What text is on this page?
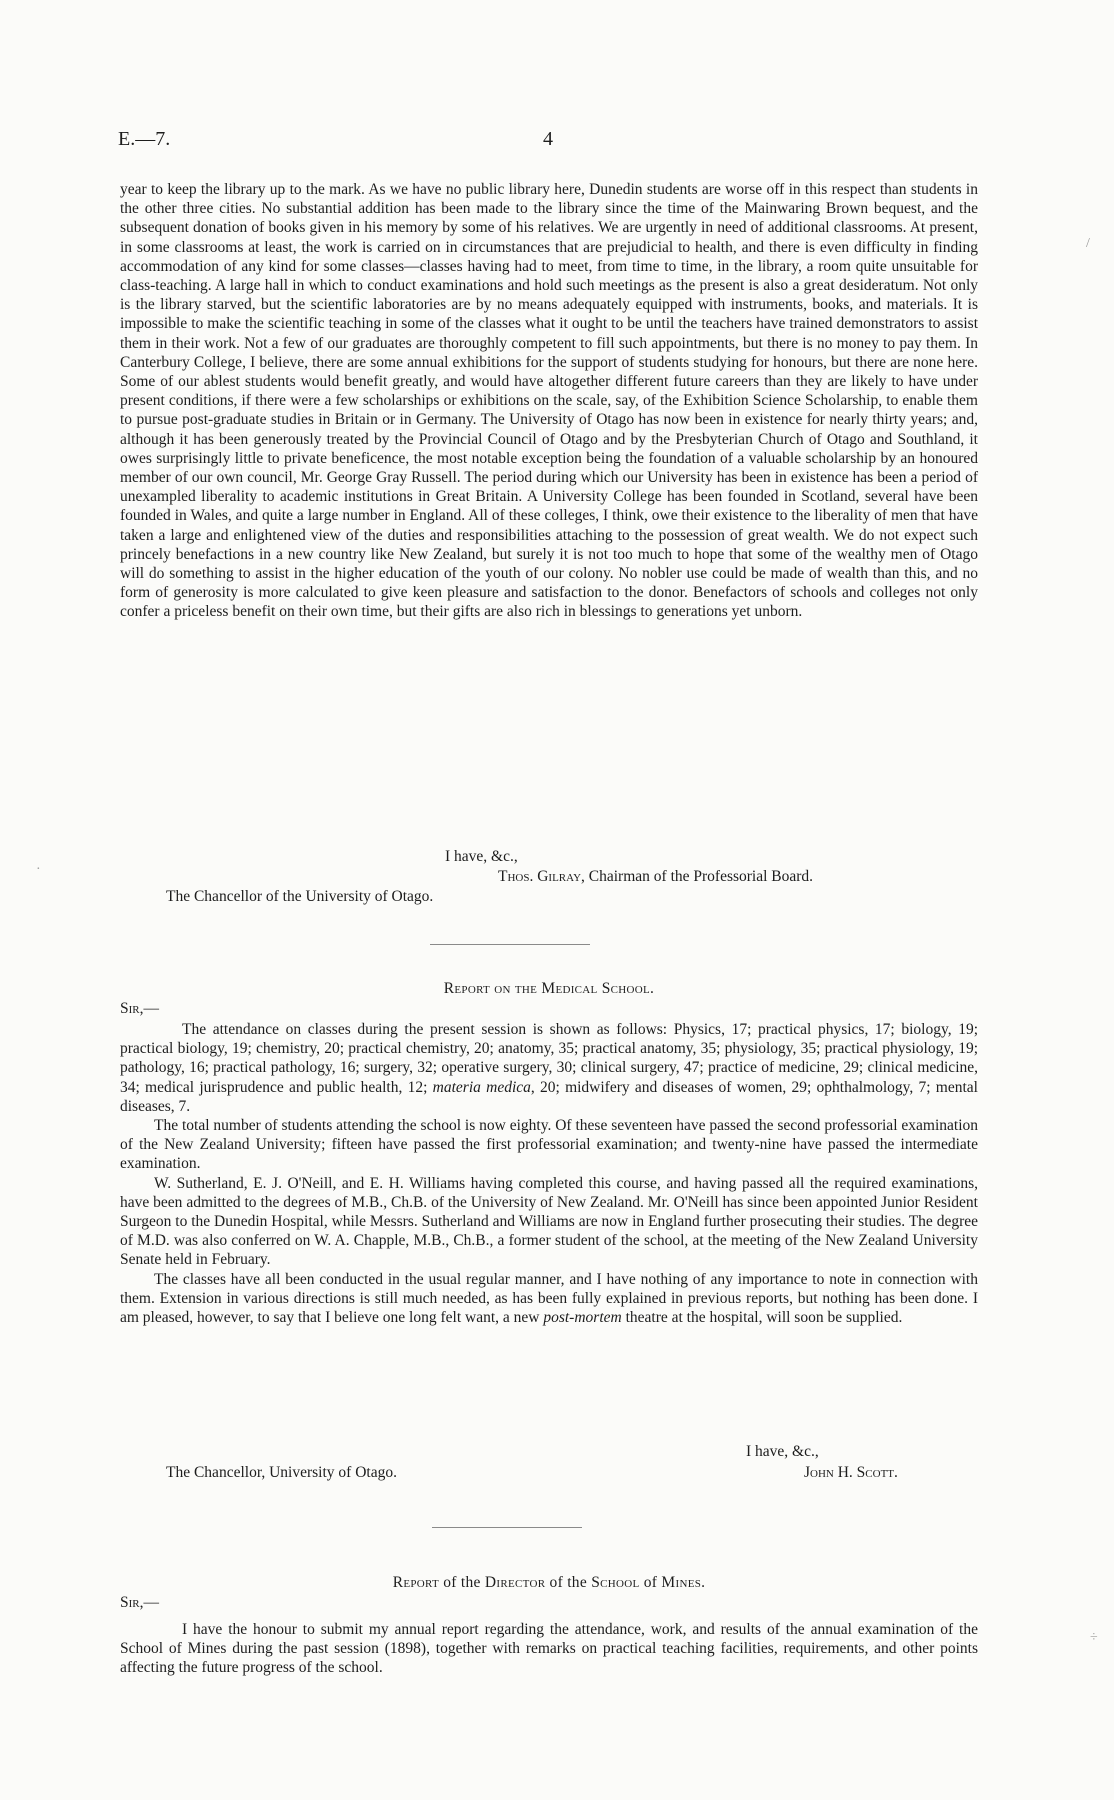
E.—7.	4

year to keep the library up to the mark. As we have no public library here, Dunedin students are worse off in this respect than students in the other three cities. No substantial addition has been made to the library since the time of the Mainwaring Brown bequest, and the subsequent donation of books given in his memory by some of his relatives. We are urgently in need of additional classrooms. At present, in some classrooms at least, the work is carried on in circumstances that are prejudicial to health, and there is even difficulty in finding accommodation of any kind for some classes—classes having had to meet, from time to time, in the library, a room quite unsuitable for class-teaching. A large hall in which to conduct examinations and hold such meetings as the present is also a great desideratum. Not only is the library starved, but the scientific laboratories are by no means adequately equipped with instruments, books, and materials. It is impossible to make the scientific teaching in some of the classes what it ought to be until the teachers have trained demonstrators to assist them in their work. Not a few of our graduates are thoroughly competent to fill such appointments, but there is no money to pay them. In Canterbury College, I believe, there are some annual exhibitions for the support of students studying for honours, but there are none here. Some of our ablest students would benefit greatly, and would have altogether different future careers than they are likely to have under present conditions, if there were a few scholarships or exhibitions on the scale, say, of the Exhibition Science Scholarship, to enable them to pursue post-graduate studies in Britain or in Germany. The University of Otago has now been in existence for nearly thirty years; and, although it has been generously treated by the Provincial Council of Otago and by the Presbyterian Church of Otago and Southland, it owes surprisingly little to private beneficence, the most notable exception being the foundation of a valuable scholarship by an honoured member of our own council, Mr. George Gray Russell. The period during which our University has been in existence has been a period of unexampled liberality to academic institutions in Great Britain. A University College has been founded in Scotland, several have been founded in Wales, and quite a large number in England. All of these colleges, I think, owe their existence to the liberality of men that have taken a large and enlightened view of the duties and responsibilities attaching to the possession of great wealth. We do not expect such princely benefactions in a new country like New Zealand, but surely it is not too much to hope that some of the wealthy men of Otago will do something to assist in the higher education of the youth of our colony. No nobler use could be made of wealth than this, and no form of generosity is more calculated to give keen pleasure and satisfaction to the donor. Benefactors of schools and colleges not only confer a priceless benefit on their own time, but their gifts are also rich in blessings to generations yet unborn.

I have, &c.,
Thos. Gilray, Chairman of the Professorial Board.
The Chancellor of the University of Otago.
Report on the Medical School.
Sir,—

The attendance on classes during the present session is shown as follows: Physics, 17; practical physics, 17; biology, 19; practical biology, 19; chemistry, 20; practical chemistry, 20; anatomy, 35; practical anatomy, 35; physiology, 35; practical physiology, 19; pathology, 16; practical pathology, 16; surgery, 32; operative surgery, 30; clinical surgery, 47; practice of medicine, 29; clinical medicine, 34; medical jurisprudence and public health, 12; materia medica, 20; midwifery and diseases of women, 29; ophthalmology, 7; mental diseases, 7.

The total number of students attending the school is now eighty. Of these seventeen have passed the second professorial examination of the New Zealand University; fifteen have passed the first professorial examination; and twenty-nine have passed the intermediate examination.

W. Sutherland, E. J. O'Neill, and E. H. Williams having completed this course, and having passed all the required examinations, have been admitted to the degrees of M.B., Ch.B. of the University of New Zealand. Mr. O'Neill has since been appointed Junior Resident Surgeon to the Dunedin Hospital, while Messrs. Sutherland and Williams are now in England further prosecuting their studies. The degree of M.D. was also conferred on W. A. Chapple, M.B., Ch.B., a former student of the school, at the meeting of the New Zealand University Senate held in February.

The classes have all been conducted in the usual regular manner, and I have nothing of any importance to note in connection with them. Extension in various directions is still much needed, as has been fully explained in previous reports, but nothing has been done. I am pleased, however, to say that I believe one long felt want, a new post-mortem theatre at the hospital, will soon be supplied.

I have, &c.,
The Chancellor, University of Otago.	John H. Scott.
Report of the Director of the School of Mines.
Sir,—

I have the honour to submit my annual report regarding the attendance, work, and results of the annual examination of the School of Mines during the past session (1898), together with remarks on practical teaching facilities, requirements, and other points affecting the future progress of the school.

/
·
÷
